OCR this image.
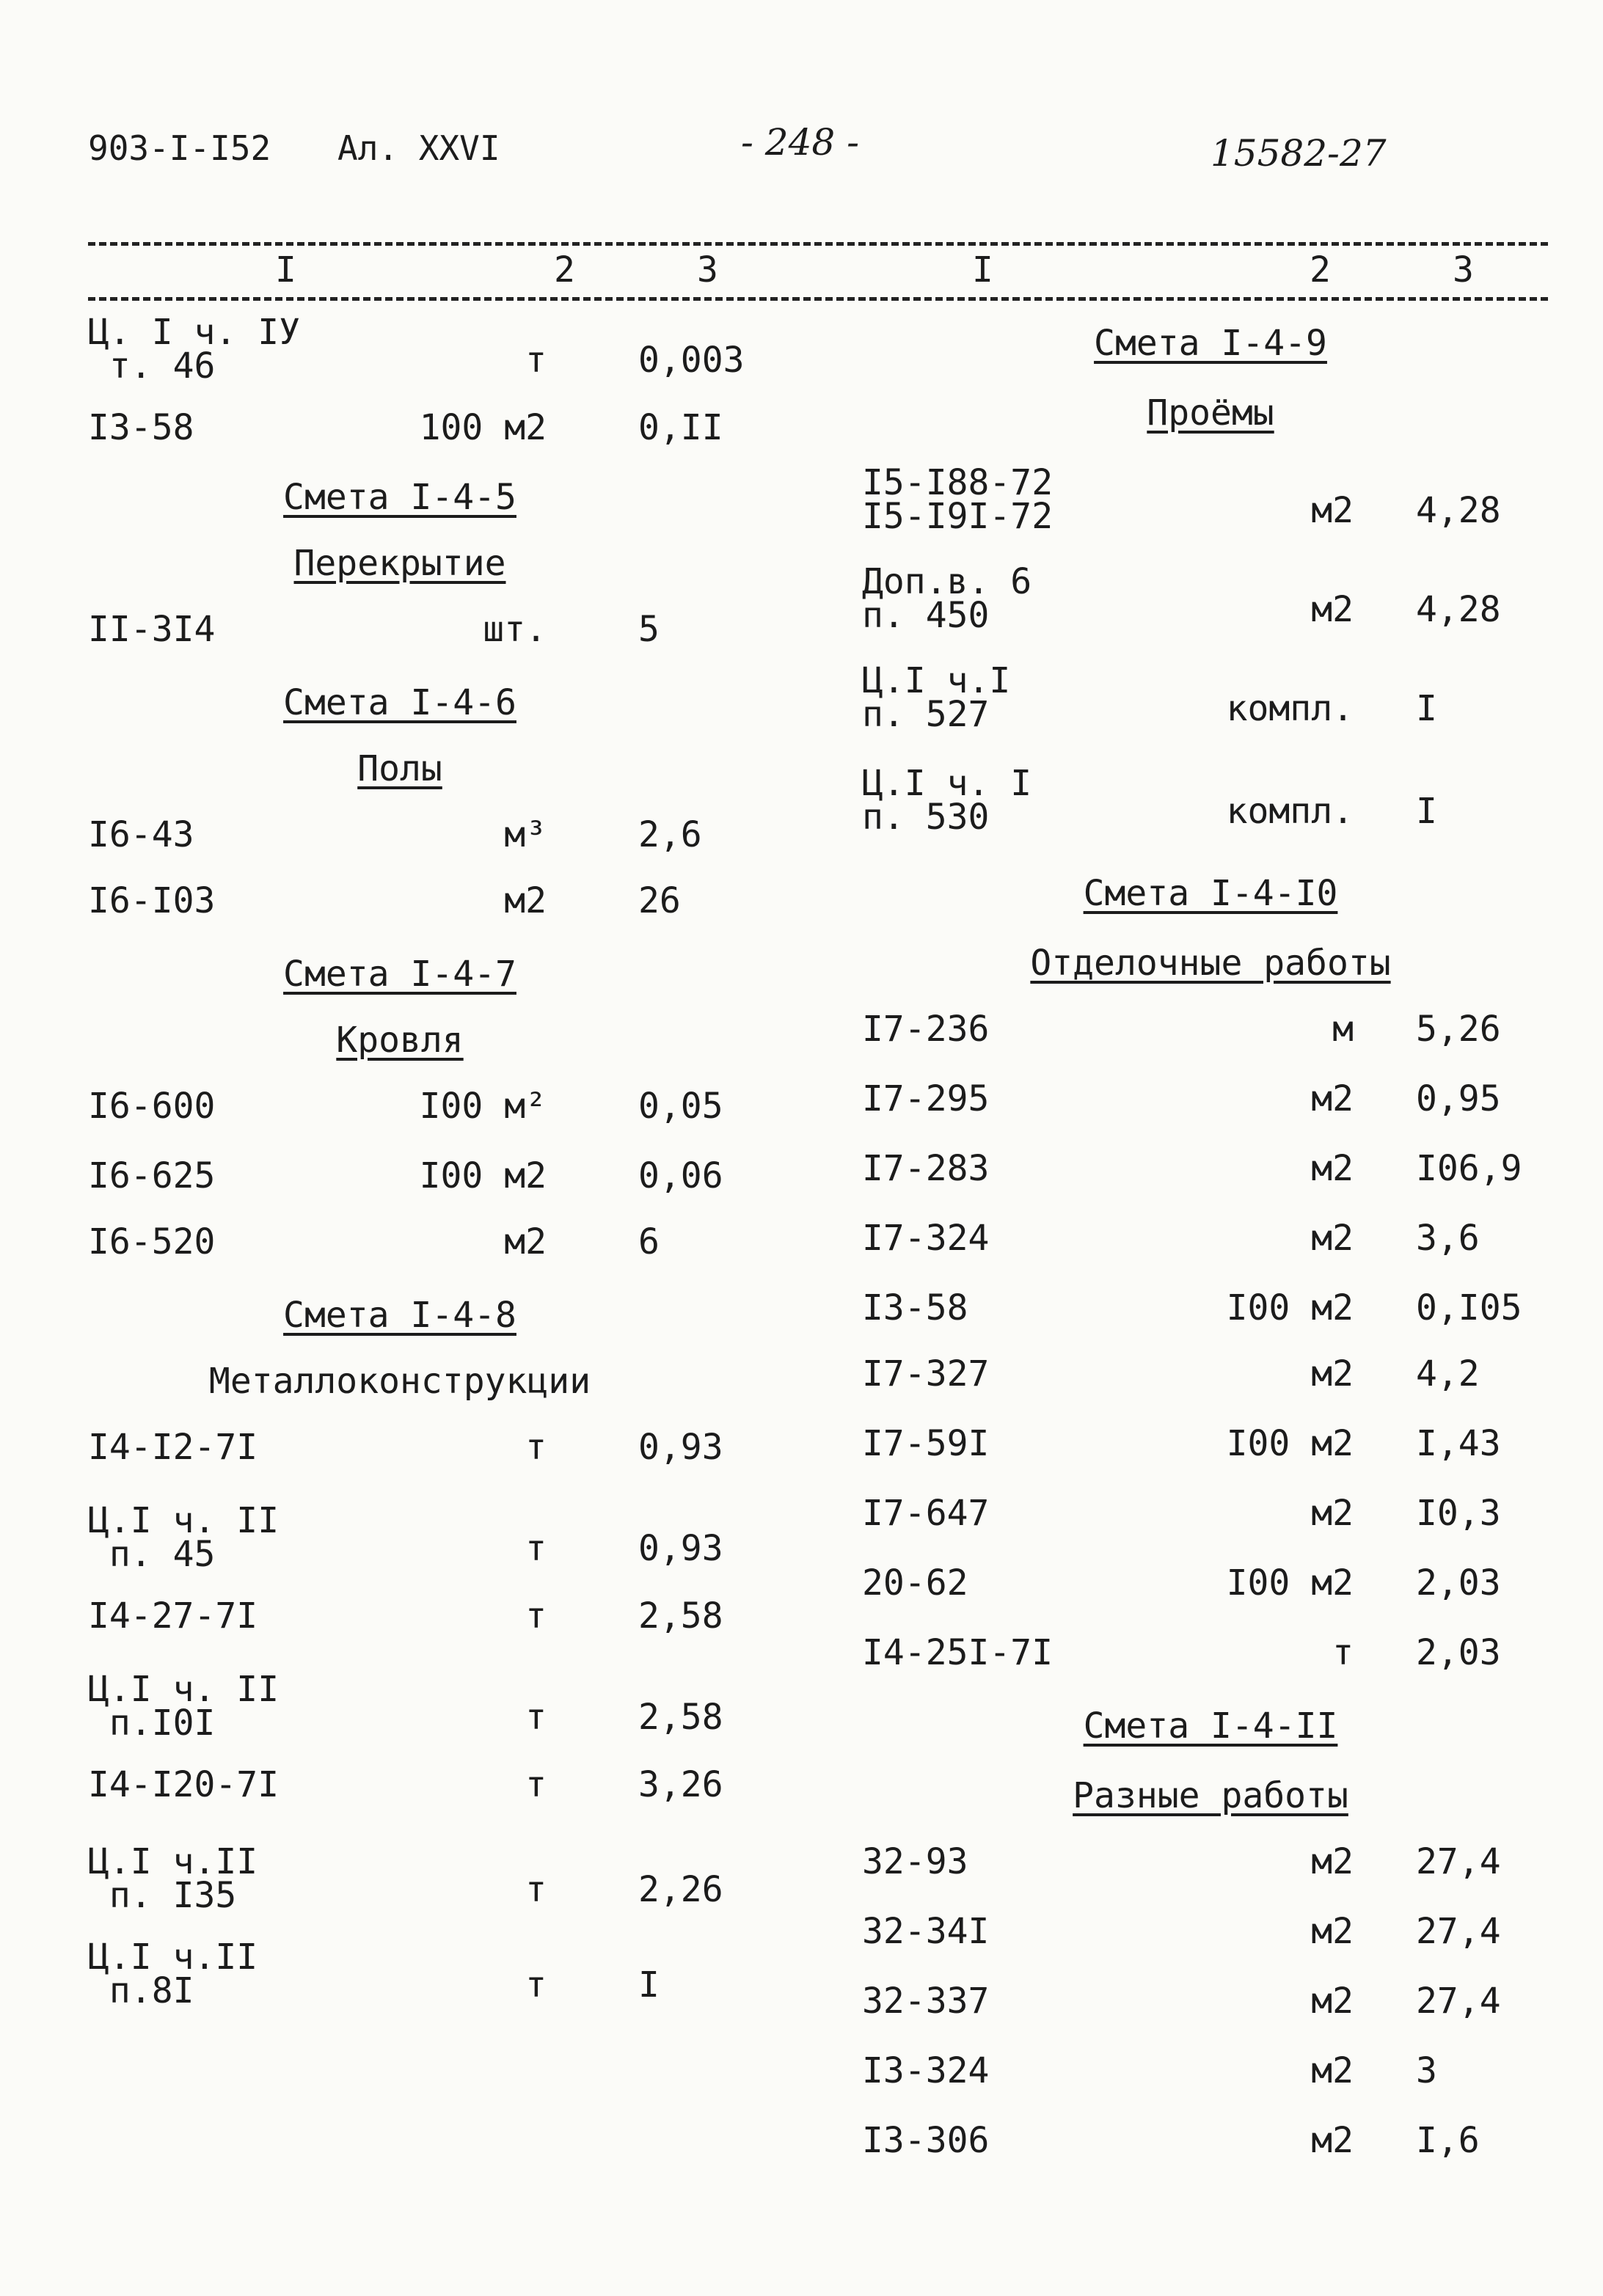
903-I-I52 Ал. XXVI	- 248 -	15582-27
I	2	3	I	2	3
Ц. I ч. IУ
т. 46	т	0,003
I3-58	100 м2	0,II
Смета I-4-5
Перекрытие
II-3I4	шт.	5
Смета I-4-6
Полы
I6-43	м³	2,6
I6-I03	м2	26
Смета I-4-7
Кровля
I6-600	I00 м²	0,05
I6-625	I00 м2	0,06
I6-520	м2	6
Смета I-4-8
Металлоконструкции
I4-I2-7I	т	0,93
Ц.I ч. II
п. 45	т	0,93
I4-27-7I	т	2,58
Ц.I ч. II
п.I0I	т	2,58
I4-I20-7I	т	3,26
Ц.I ч.II
п. I35	т	2,26
Ц.I ч.II
п.8I	т	I
Смета I-4-9
Проёмы
I5-I88-72
I5-I9I-72	м2 4,28
Доп.в. 6
п. 450	м2 4,28
Ц.I ч.I
п. 527	компл. I
Ц.I ч. I
п. 530	компл. I
Смета I-4-I0
Отделочные работы
I7-236	м 5,26
I7-295	м2 0,95
I7-283	м2 I06,9
I7-324	м2 3,6
I3-58	I00 м2 0,I05
I7-327	м2 4,2
I7-59I	I00 м2 I,43
I7-647	м2 I0,3
20-62	I00 м2 2,03
I4-25I-7I	т 2,03
Смета I-4-II
Разные работы
32-93	м2 27,4
32-34I	м2 27,4
32-337	м2 27,4
I3-324	м2 3
I3-306	м2 I,6
